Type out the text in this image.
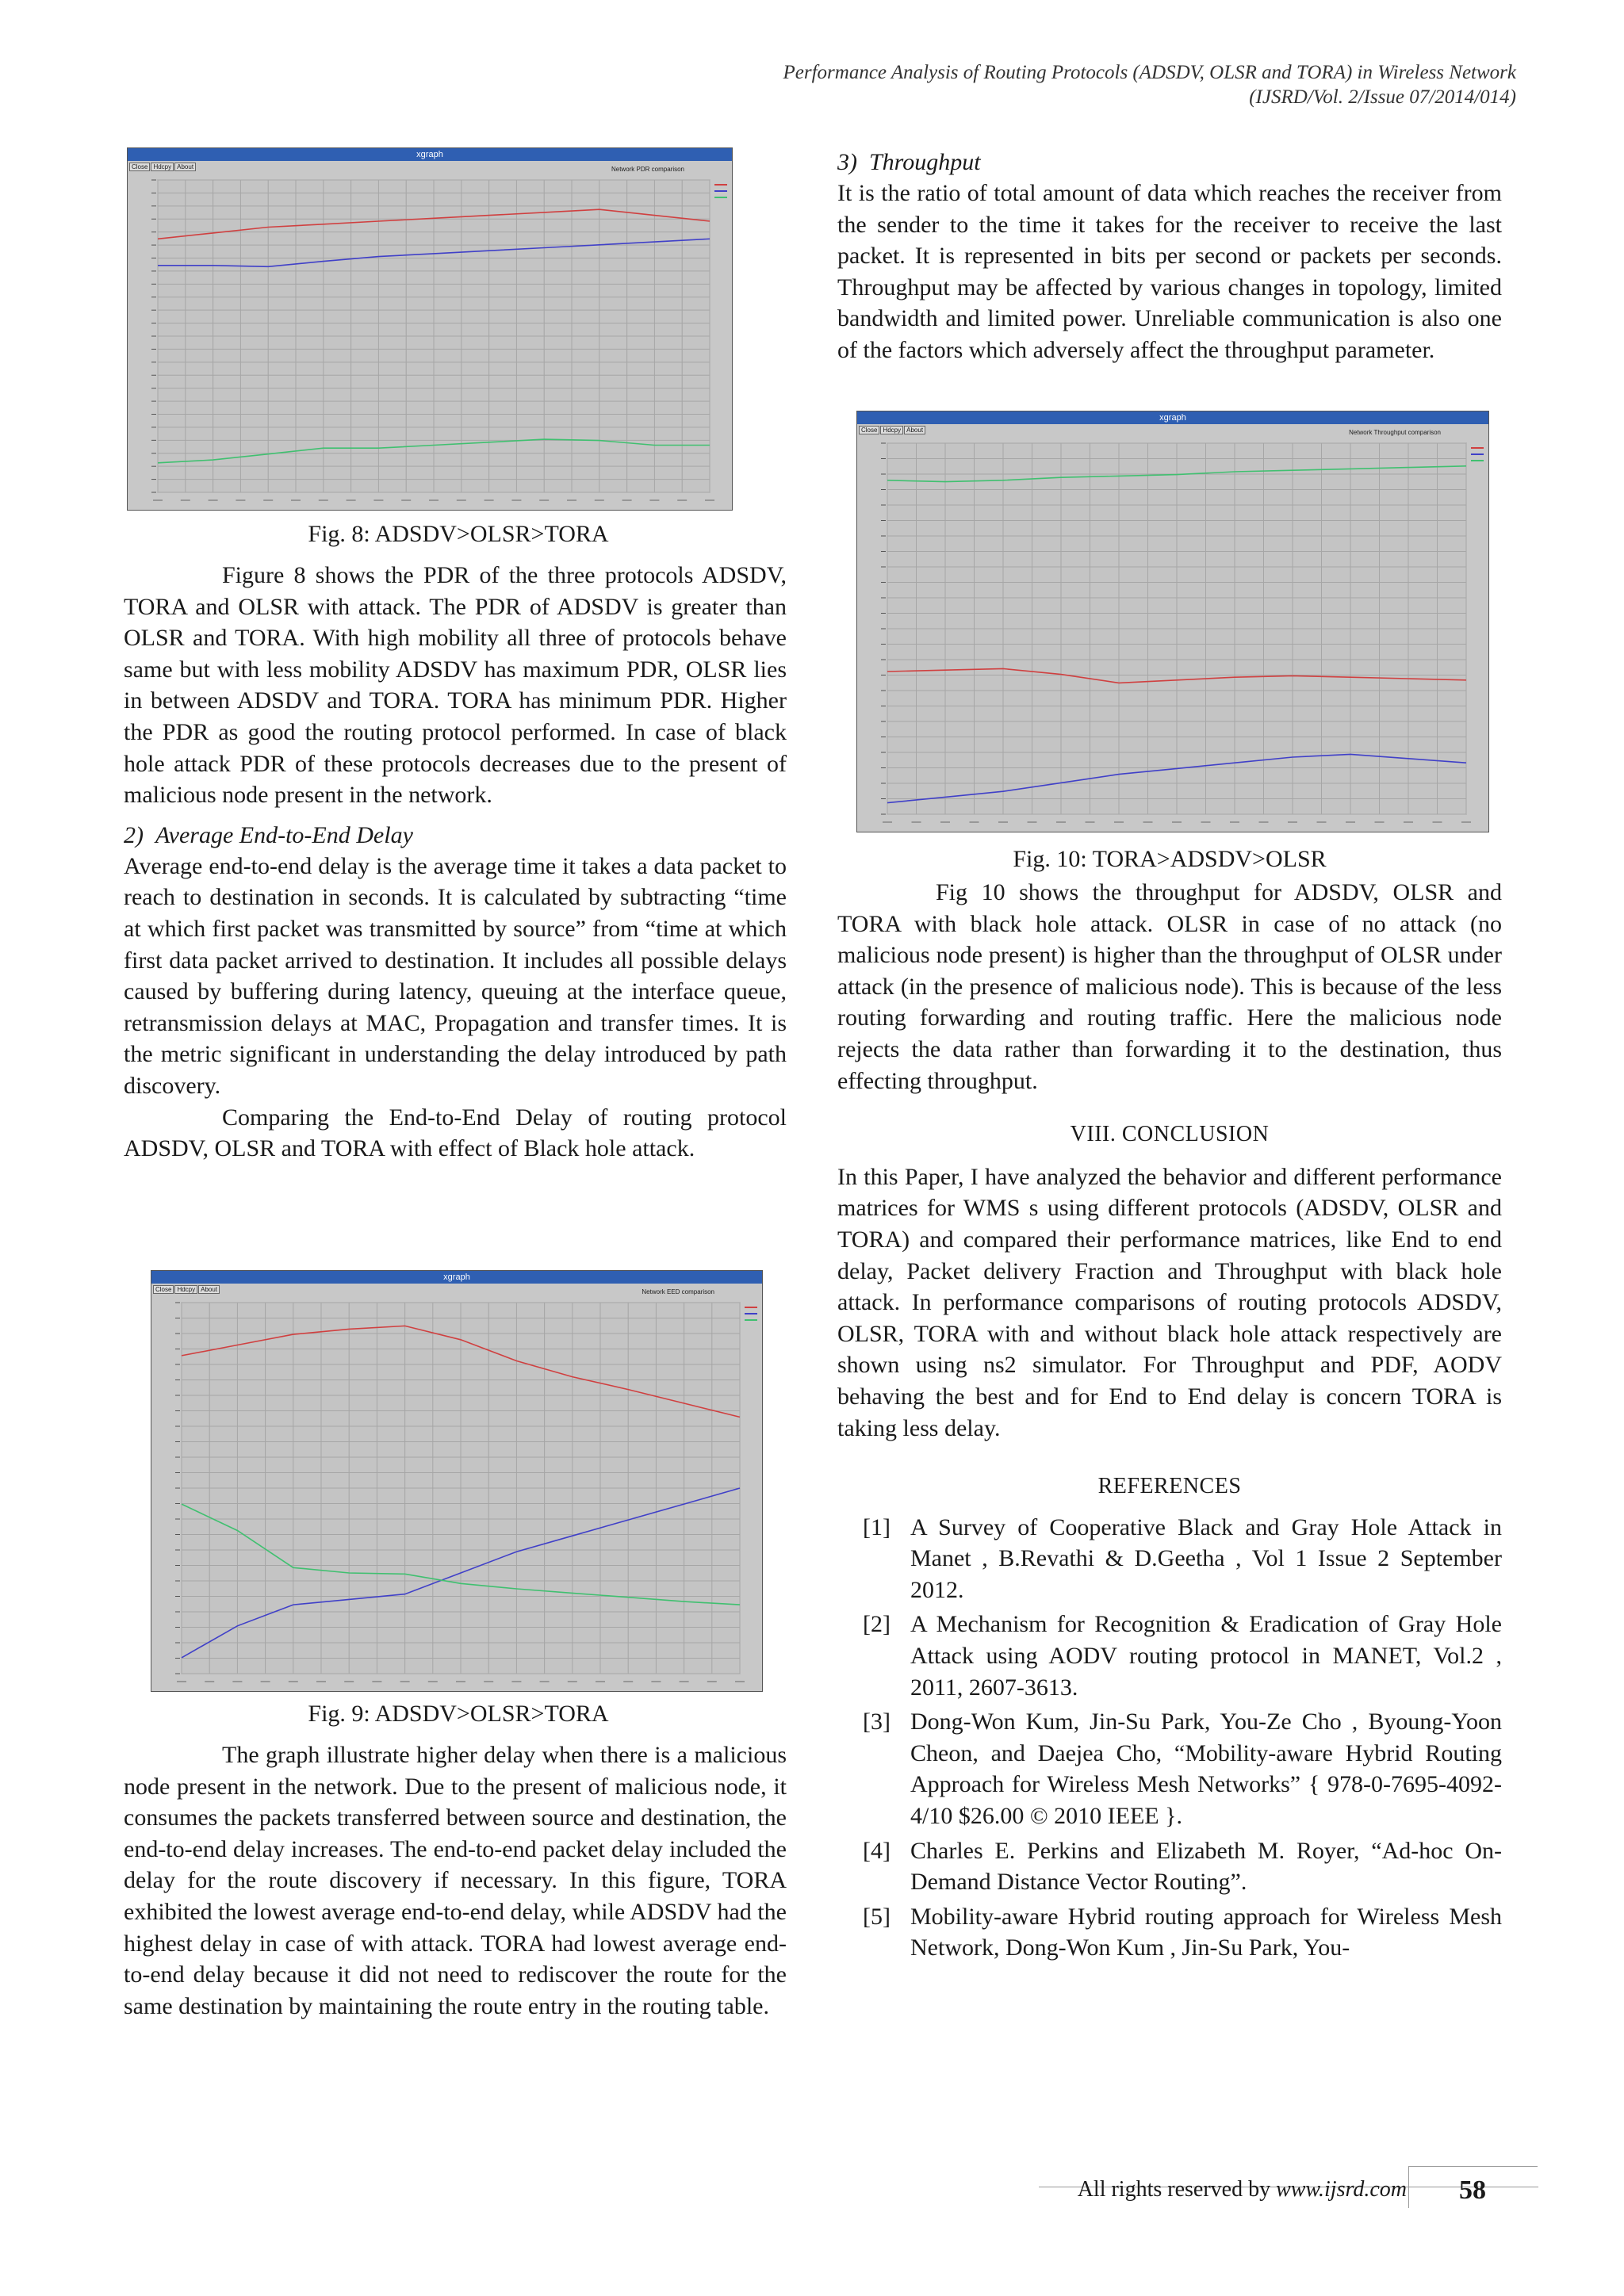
Performance Analysis of Routing Protocols (ADSDV, OLSR and TORA) in Wireless Network
(IJSRD/Vol. 2/Issue 07/2014/014)
xgraph
Close Hdcpy About	Network PDR comparison
Fig. 8: ADSDV>OLSR>TORA

Figure 8 shows the PDR of the three protocols ADSDV, TORA and OLSR with attack. The PDR of ADSDV is greater than OLSR and TORA. With high mobility all three of protocols behave same but with less mobility ADSDV has maximum PDR, OLSR lies in between ADSDV and TORA. TORA has minimum PDR. Higher the PDR as good the routing protocol performed. In case of black hole attack PDR of these protocols decreases due to the present of malicious node present in the network.

2)  Average End-to-End Delay

Average end-to-end delay is the average time it takes a data packet to reach to destination in seconds. It is calculated by subtracting “time at which first packet was transmitted by source” from “time at which first data packet arrived to destination. It includes all possible delays caused by buffering during latency, queuing at the interface queue, retransmission delays at MAC, Propagation and transfer times. It is the metric significant in understanding the delay introduced by path discovery.

Comparing the End-to-End Delay of routing protocol ADSDV, OLSR and TORA with effect of Black hole attack.

xgraph
Close Hdcpy About	Network EED comparison
Fig. 9: ADSDV>OLSR>TORA

The graph illustrate higher delay when there is a malicious node present in the network. Due to the present of malicious node, it consumes the packets transferred between source and destination, the end-to-end delay increases. The end-to-end packet delay included the delay for the route discovery if necessary. In this figure, TORA exhibited the lowest average end-to-end delay, while ADSDV had the highest delay in case of with attack. TORA had lowest average end-to-end delay because it did not need to rediscover the route for the same destination by maintaining the route entry in the routing table.

3)  Throughput

It is the ratio of total amount of data which reaches the receiver from the sender to the time it takes for the receiver to receive the last packet. It is represented in bits per second or packets per seconds. Throughput may be affected by various changes in topology, limited bandwidth and limited power. Unreliable communication is also one of the factors which adversely affect the throughput parameter.

xgraph
Close Hdcpy About	Network Throughput comparison
Fig. 10: TORA>ADSDV>OLSR

Fig 10 shows the throughput for ADSDV, OLSR and TORA with black hole attack. OLSR in case of no attack (no malicious node present) is higher than the throughput of OLSR under attack (in the presence of malicious node). This is because of the less routing forwarding and routing traffic. Here the malicious node rejects the data rather than forwarding it to the destination, thus effecting throughput.

VIII. CONCLUSION

In this Paper, I have analyzed the behavior and different performance matrices for WMS s using different protocols (ADSDV, OLSR and TORA) and compared their performance matrices, like End to end delay, Packet delivery Fraction and Throughput with black hole attack. In performance comparisons of routing protocols ADSDV, OLSR, TORA with and without black hole attack respectively are shown using ns2 simulator. For Throughput and PDF, AODV behaving the best and for End to End delay is concern TORA is taking less delay.

REFERENCES

[1] A Survey of Cooperative Black and Gray Hole Attack in Manet , B.Revathi & D.Geetha , Vol 1 Issue 2 September 2012.
[2] A Mechanism for Recognition & Eradication of Gray Hole Attack using AODV routing protocol in MANET, Vol.2 , 2011, 2607-3613.
[3] Dong-Won Kum, Jin-Su Park, You-Ze Cho , Byoung-Yoon Cheon, and Daejea Cho, “Mobility-aware Hybrid Routing Approach for Wireless Mesh Networks” { 978-0-7695-4092-4/10 $26.00 © 2010 IEEE }.
[4] Charles E. Perkins and Elizabeth M. Royer, “Ad-hoc On-Demand Distance Vector Routing”.
[5] Mobility-aware Hybrid routing approach for Wireless Mesh Network, Dong-Won Kum , Jin-Su Park, You-
All rights reserved by www.ijsrd.com 58
